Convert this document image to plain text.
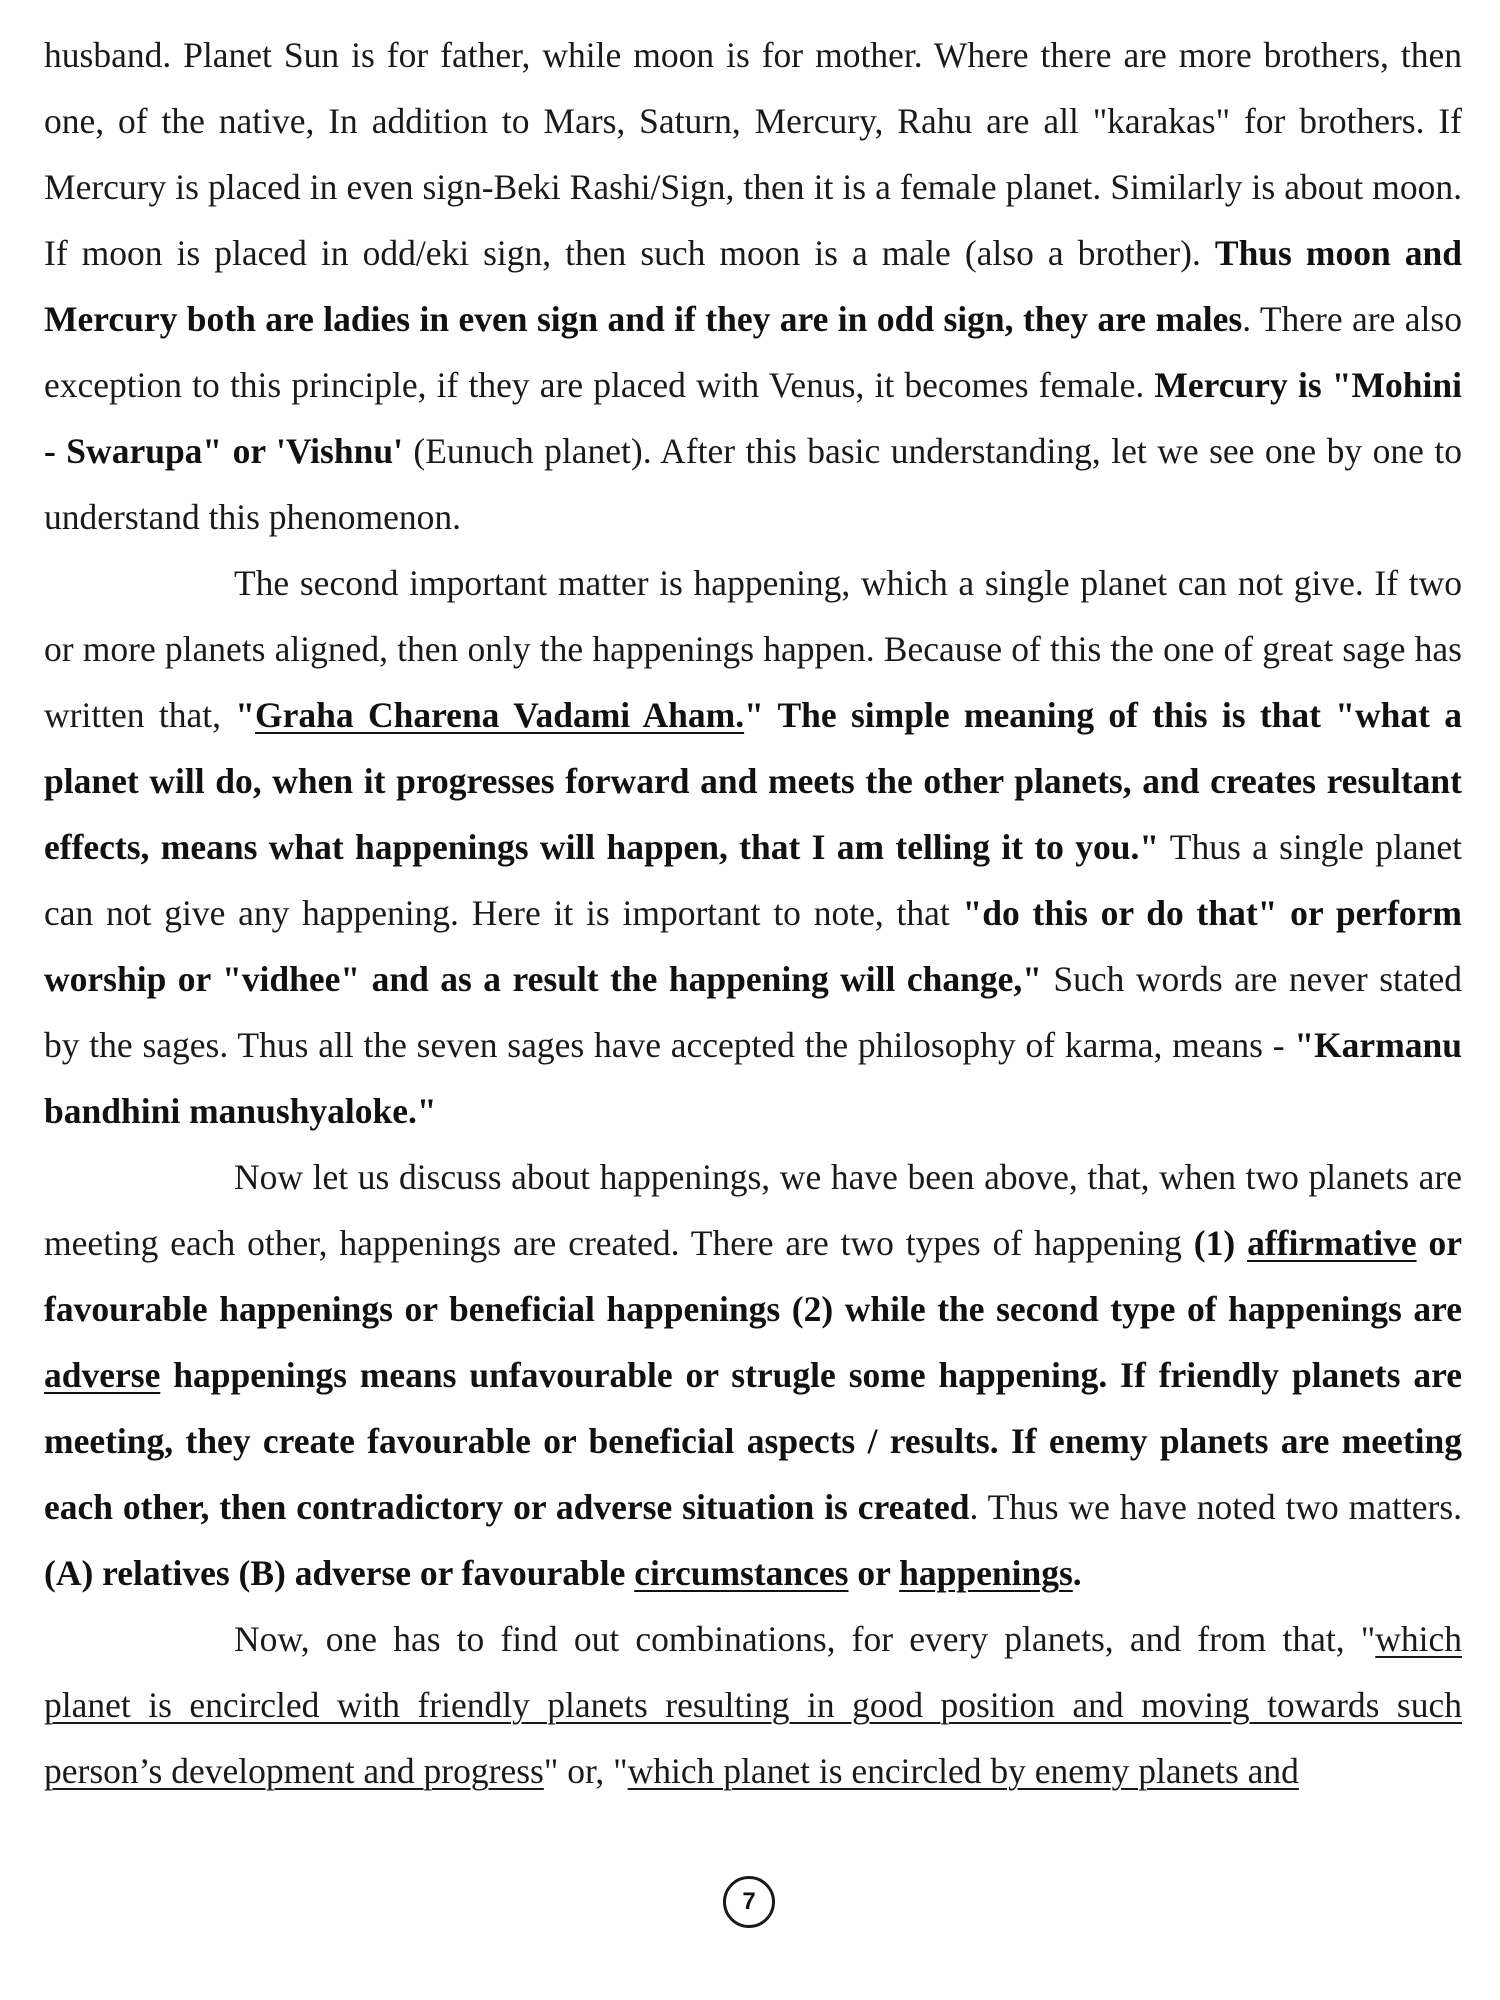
husband. Planet Sun is for father, while moon is for mother. Where there are more brothers, then one, of the native, In addition to Mars, Saturn, Mercury, Rahu are all "karakas" for brothers. If Mercury is placed in even sign-Beki Rashi/Sign, then it is a female planet. Similarly is about moon. If moon is placed in odd/eki sign, then such moon is a male (also a brother). Thus moon and Mercury both are ladies in even sign and if they are in odd sign, they are males. There are also exception to this principle, if they are placed with Venus, it becomes female. Mercury is "Mohini - Swarupa" or 'Vishnu' (Eunuch planet). After this basic understanding, let we see one by one to understand this phenomenon.

The second important matter is happening, which a single planet can not give. If two or more planets aligned, then only the happenings happen. Because of this the one of great sage has written that, "Graha Charena Vadami Aham." The simple meaning of this is that "what a planet will do, when it progresses forward and meets the other planets, and creates resultant effects, means what happenings will happen, that I am telling it to you." Thus a single planet can not give any happening. Here it is important to note, that "do this or do that" or perform worship or "vidhee" and as a result the happening will change," Such words are never stated by the sages. Thus all the seven sages have accepted the philosophy of karma, means - "Karmanu bandhini manushyaloke."

Now let us discuss about happenings, we have been above, that, when two planets are meeting each other, happenings are created. There are two types of happening (1) affirmative or favourable happenings or beneficial happenings (2) while the second type of happenings are adverse happenings means unfavourable or strugle some happening. If friendly planets are meeting, they create favourable or beneficial aspects / results. If enemy planets are meeting each other, then contradictory or adverse situation is created. Thus we have noted two matters. (A) relatives (B) adverse or favourable circumstances or happenings.

Now, one has to find out combinations, for every planets, and from that, "which planet is encircled with friendly planets resulting in good position and moving towards such person’s development and progress" or, "which planet is encircled by enemy planets and

7
